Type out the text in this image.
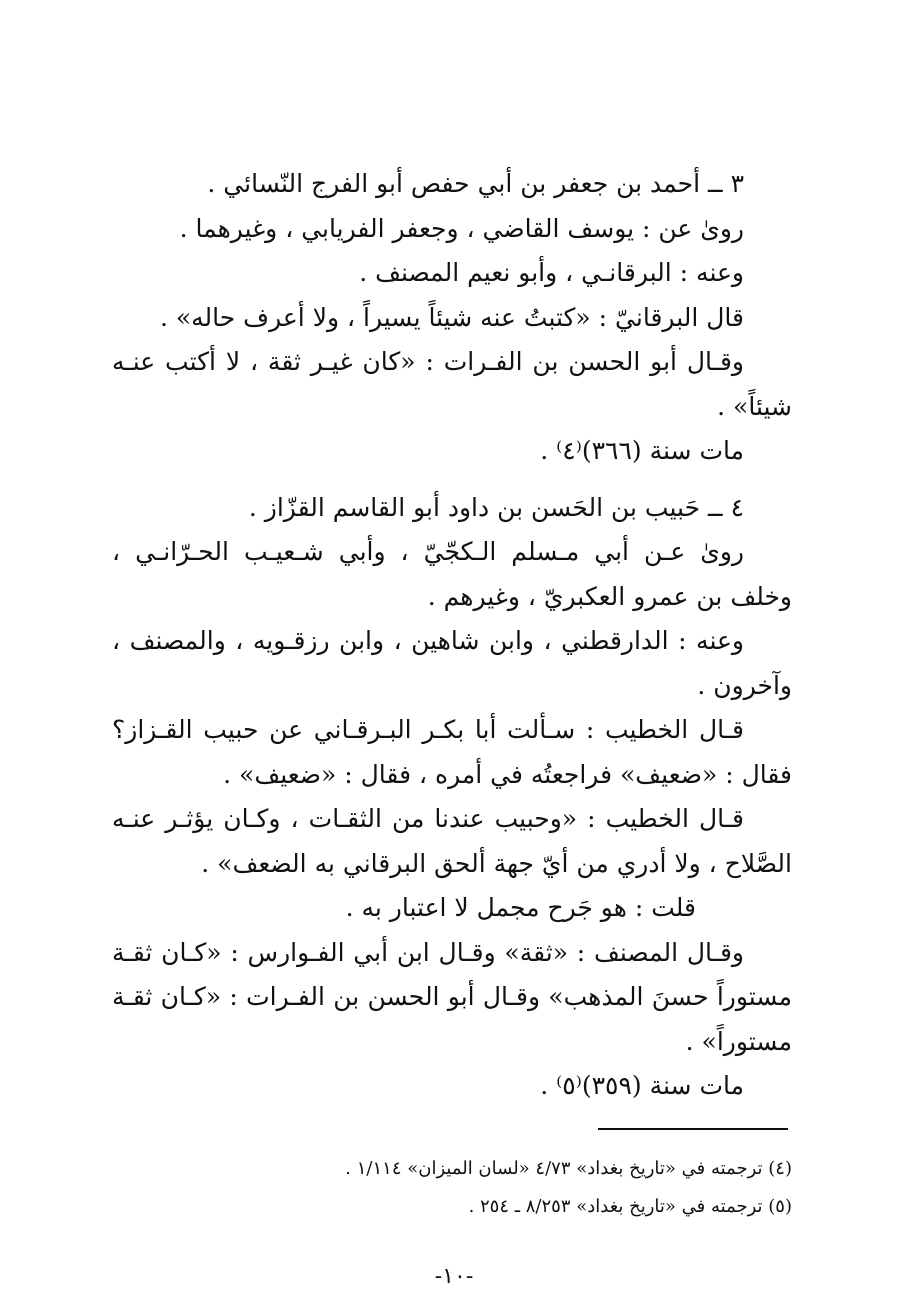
٣ ــ أحمد بن جعفر بن أبي حفص أبو الفرج النّسائي .

روىٰ عن : يوسف القاضي ، وجعفر الفريابي ، وغيرهما .

وعنه : البرقانـي ، وأبو نعيم المصنف .

قال البرقانيّ : «كتبتُ عنه شيئاً يسيراً ، ولا أعرف حاله» .

وقـال أبو الحسن بن الفـرات : «كان غيـر ثقة ، لا أكتب عنـه شيئاً» .

مات سنة (٣٦٦)⁽٤⁾ .

٤ ــ حَبيب بن الحَسن بن داود أبو القاسم القزّاز .

روىٰ عـن أبي مـسلم الـكجّيّ ، وأبي شـعيـب الحـرّانـي ، وخلف بن عمرو العكبريّ ، وغيرهم .

وعنه : الدارقطني ، وابن شاهين ، وابن رزقـويه ، والمصنف ، وآخرون .

قـال الخطيب : سـألت أبا بكـر البـرقـاني عن حبيب القـزاز؟ فقال : «ضعيف» فراجعتُه في أمره ، فقال : «ضعيف» .

قـال الخطيب : «وحبيب عندنا من الثقـات ، وكـان يؤثـر عنـه الصَّلاح ، ولا أدري من أيّ جهة ألحق البرقاني به الضعف» .

قلت : هو جَرح مجمل لا اعتبار به .

وقـال المصنف : «ثقة» وقـال ابن أبي الفـوارس : «كـان ثقـة مستوراً حسنَ المذهب» وقـال أبو الحسن بن الفـرات : «كـان ثقـة مستوراً» .

مات سنة (٣٥٩)⁽٥⁾ .

(٤) ترجمته في «تاريخ بغداد» ٤/٧٣ «لسان الميزان» ١/١١٤ .

(٥) ترجمته في «تاريخ بغداد» ٨/٢٥٣ ـ ٢٥٤ .

-١٠-
